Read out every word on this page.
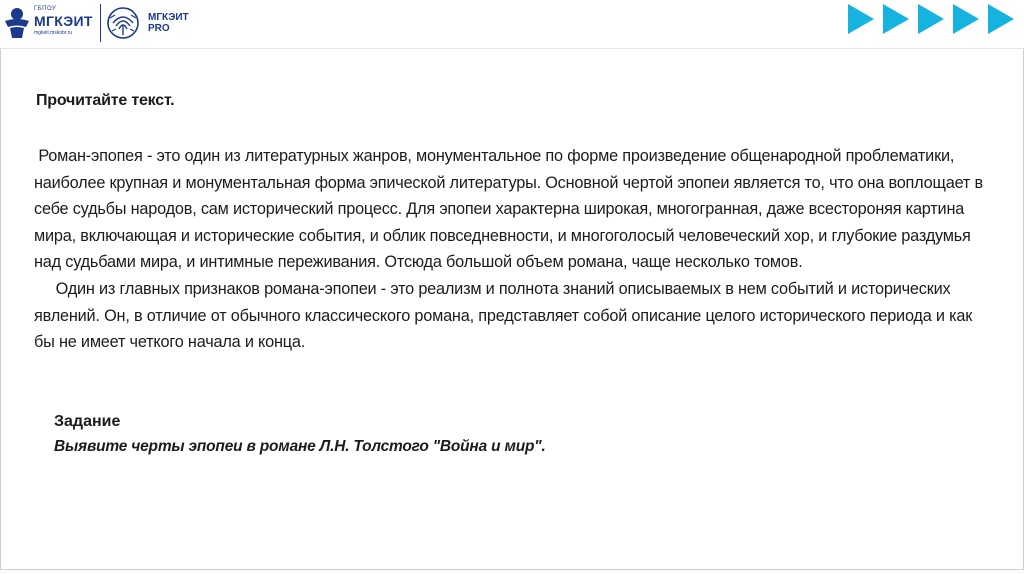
ГБПОУ
МГКЭИТ
mgkeit.mskobr.ru
МГКЭИТ
PRO

Прочитайте текст.

Роман-эпопея - это один из литературных жанров, монументальное по форме произведение общенародной проблематики, наиболее крупная и монументальная форма эпической литературы. Основной чертой эпопеи является то, что она воплощает в себе судьбы народов, сам исторический процесс. Для эпопеи характерна широкая, многогранная, даже всестороняя картина мира, включающая и исторические события, и облик повседневности, и многоголосый человеческий хор, и глубокие раздумья над судьбами мира, и интимные переживания. Отсюда большой объем романа, чаще несколько томов.
Один из главных признаков романа-эпопеи - это реализм и полнота знаний описываемых в нем событий и исторических явлений. Он, в отличие от обычного классического романа, представляет собой описание целого исторического периода и как бы не имеет четкого начала и конца.

Задание

Выявите черты эпопеи в романе Л.Н. Толстого "Война и мир".
